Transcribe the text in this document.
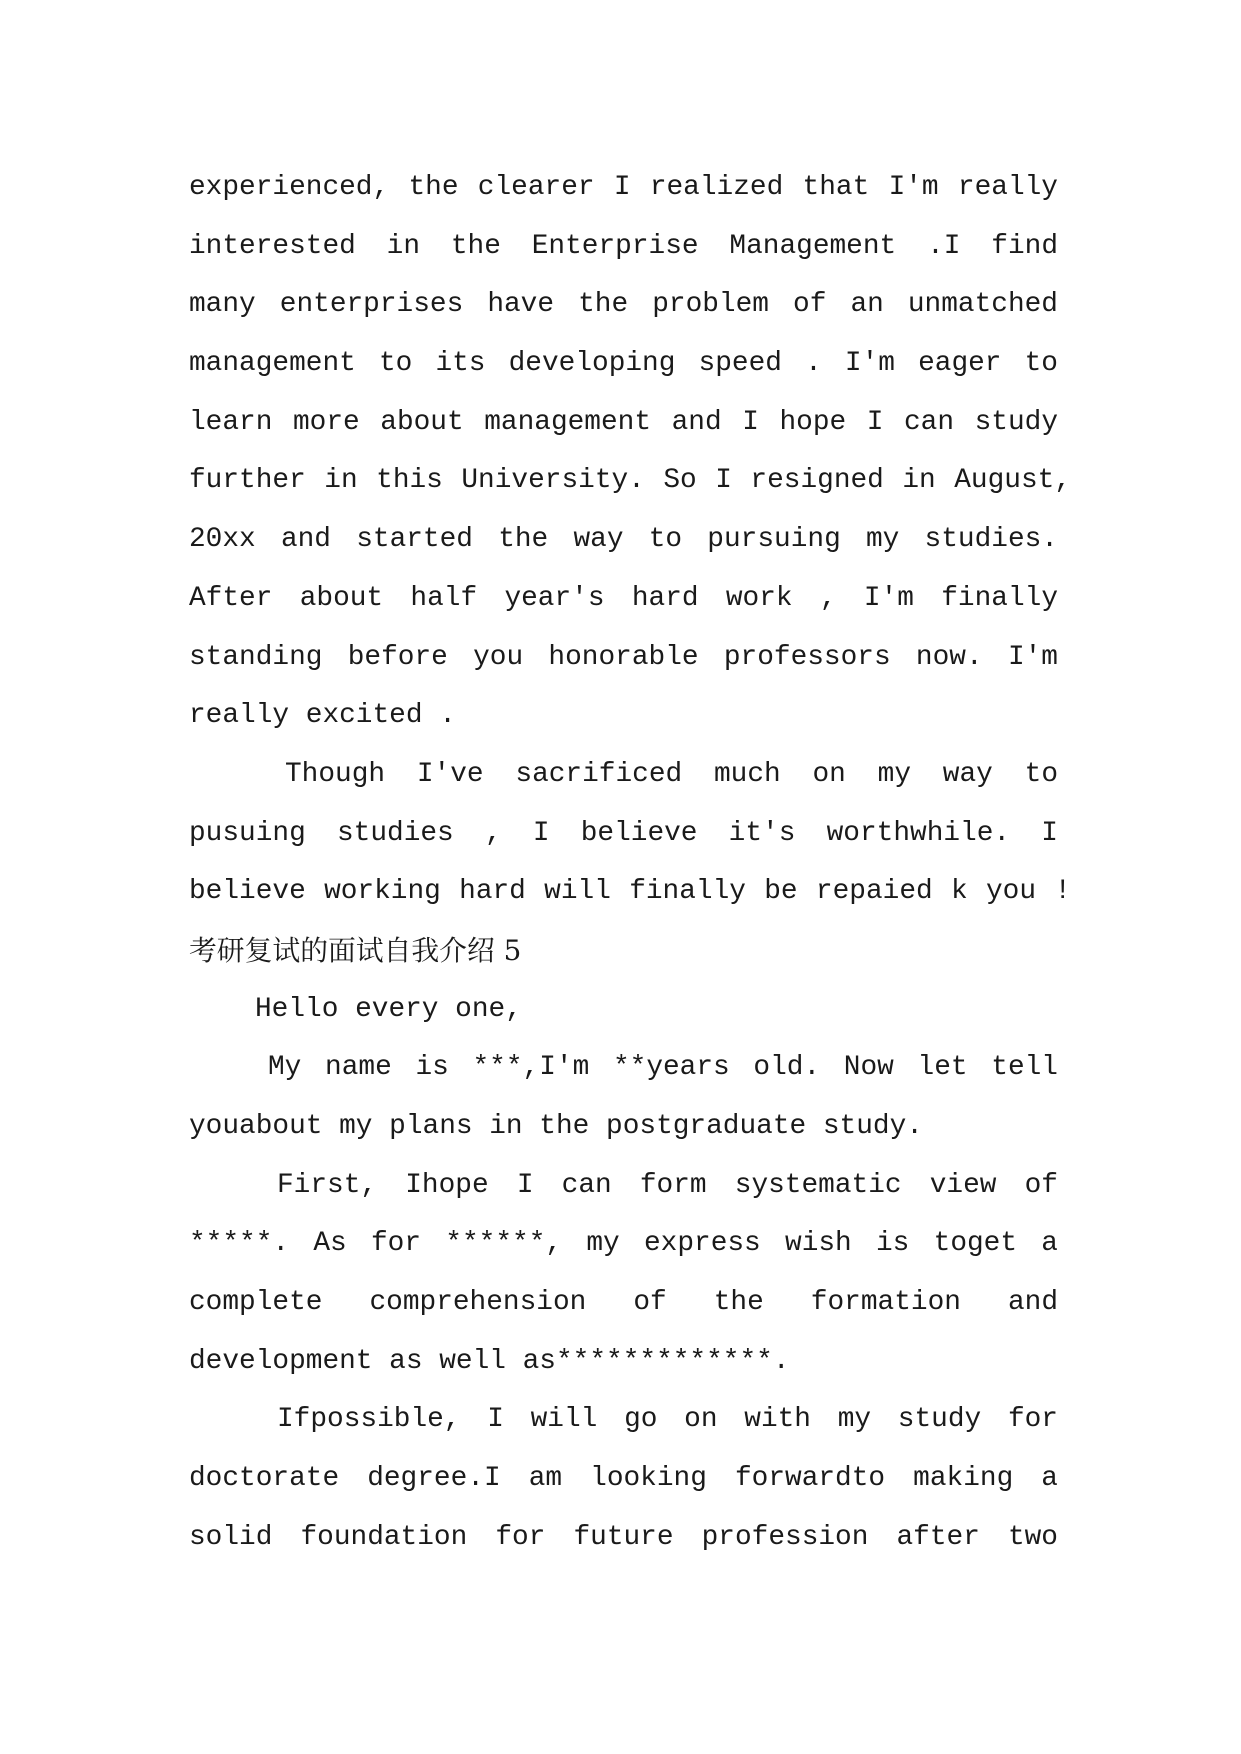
experienced, the clearer I realized that I'm really
interested in the Enterprise Management .I find
many enterprises have the problem of an unmatched
management to its developing speed . I'm eager to
learn more about management and I hope I can study
further in this University. So I resigned in August,
20xx and started the way to pursuing my studies.
After about half year's hard work , I'm finally
standing before you honorable professors now. I'm
really excited .
Though I've sacrificed much on my way to
pusuing studies , I believe it's worthwhile. I
believe working hard will finally be repaied k you !
考研复试的面试自我介绍 5
Hello every one,
My name is ***,I'm **years old. Now let tell
youabout my plans in the postgraduate study.
First, Ihope I can form systematic view of
*****. As for ******, my express wish is toget a
complete comprehension of the formation and
development as well as*************.
Ifpossible, I will go on with my study for
doctorate degree.I am looking forwardto making a
solid foundation for future profession after two
